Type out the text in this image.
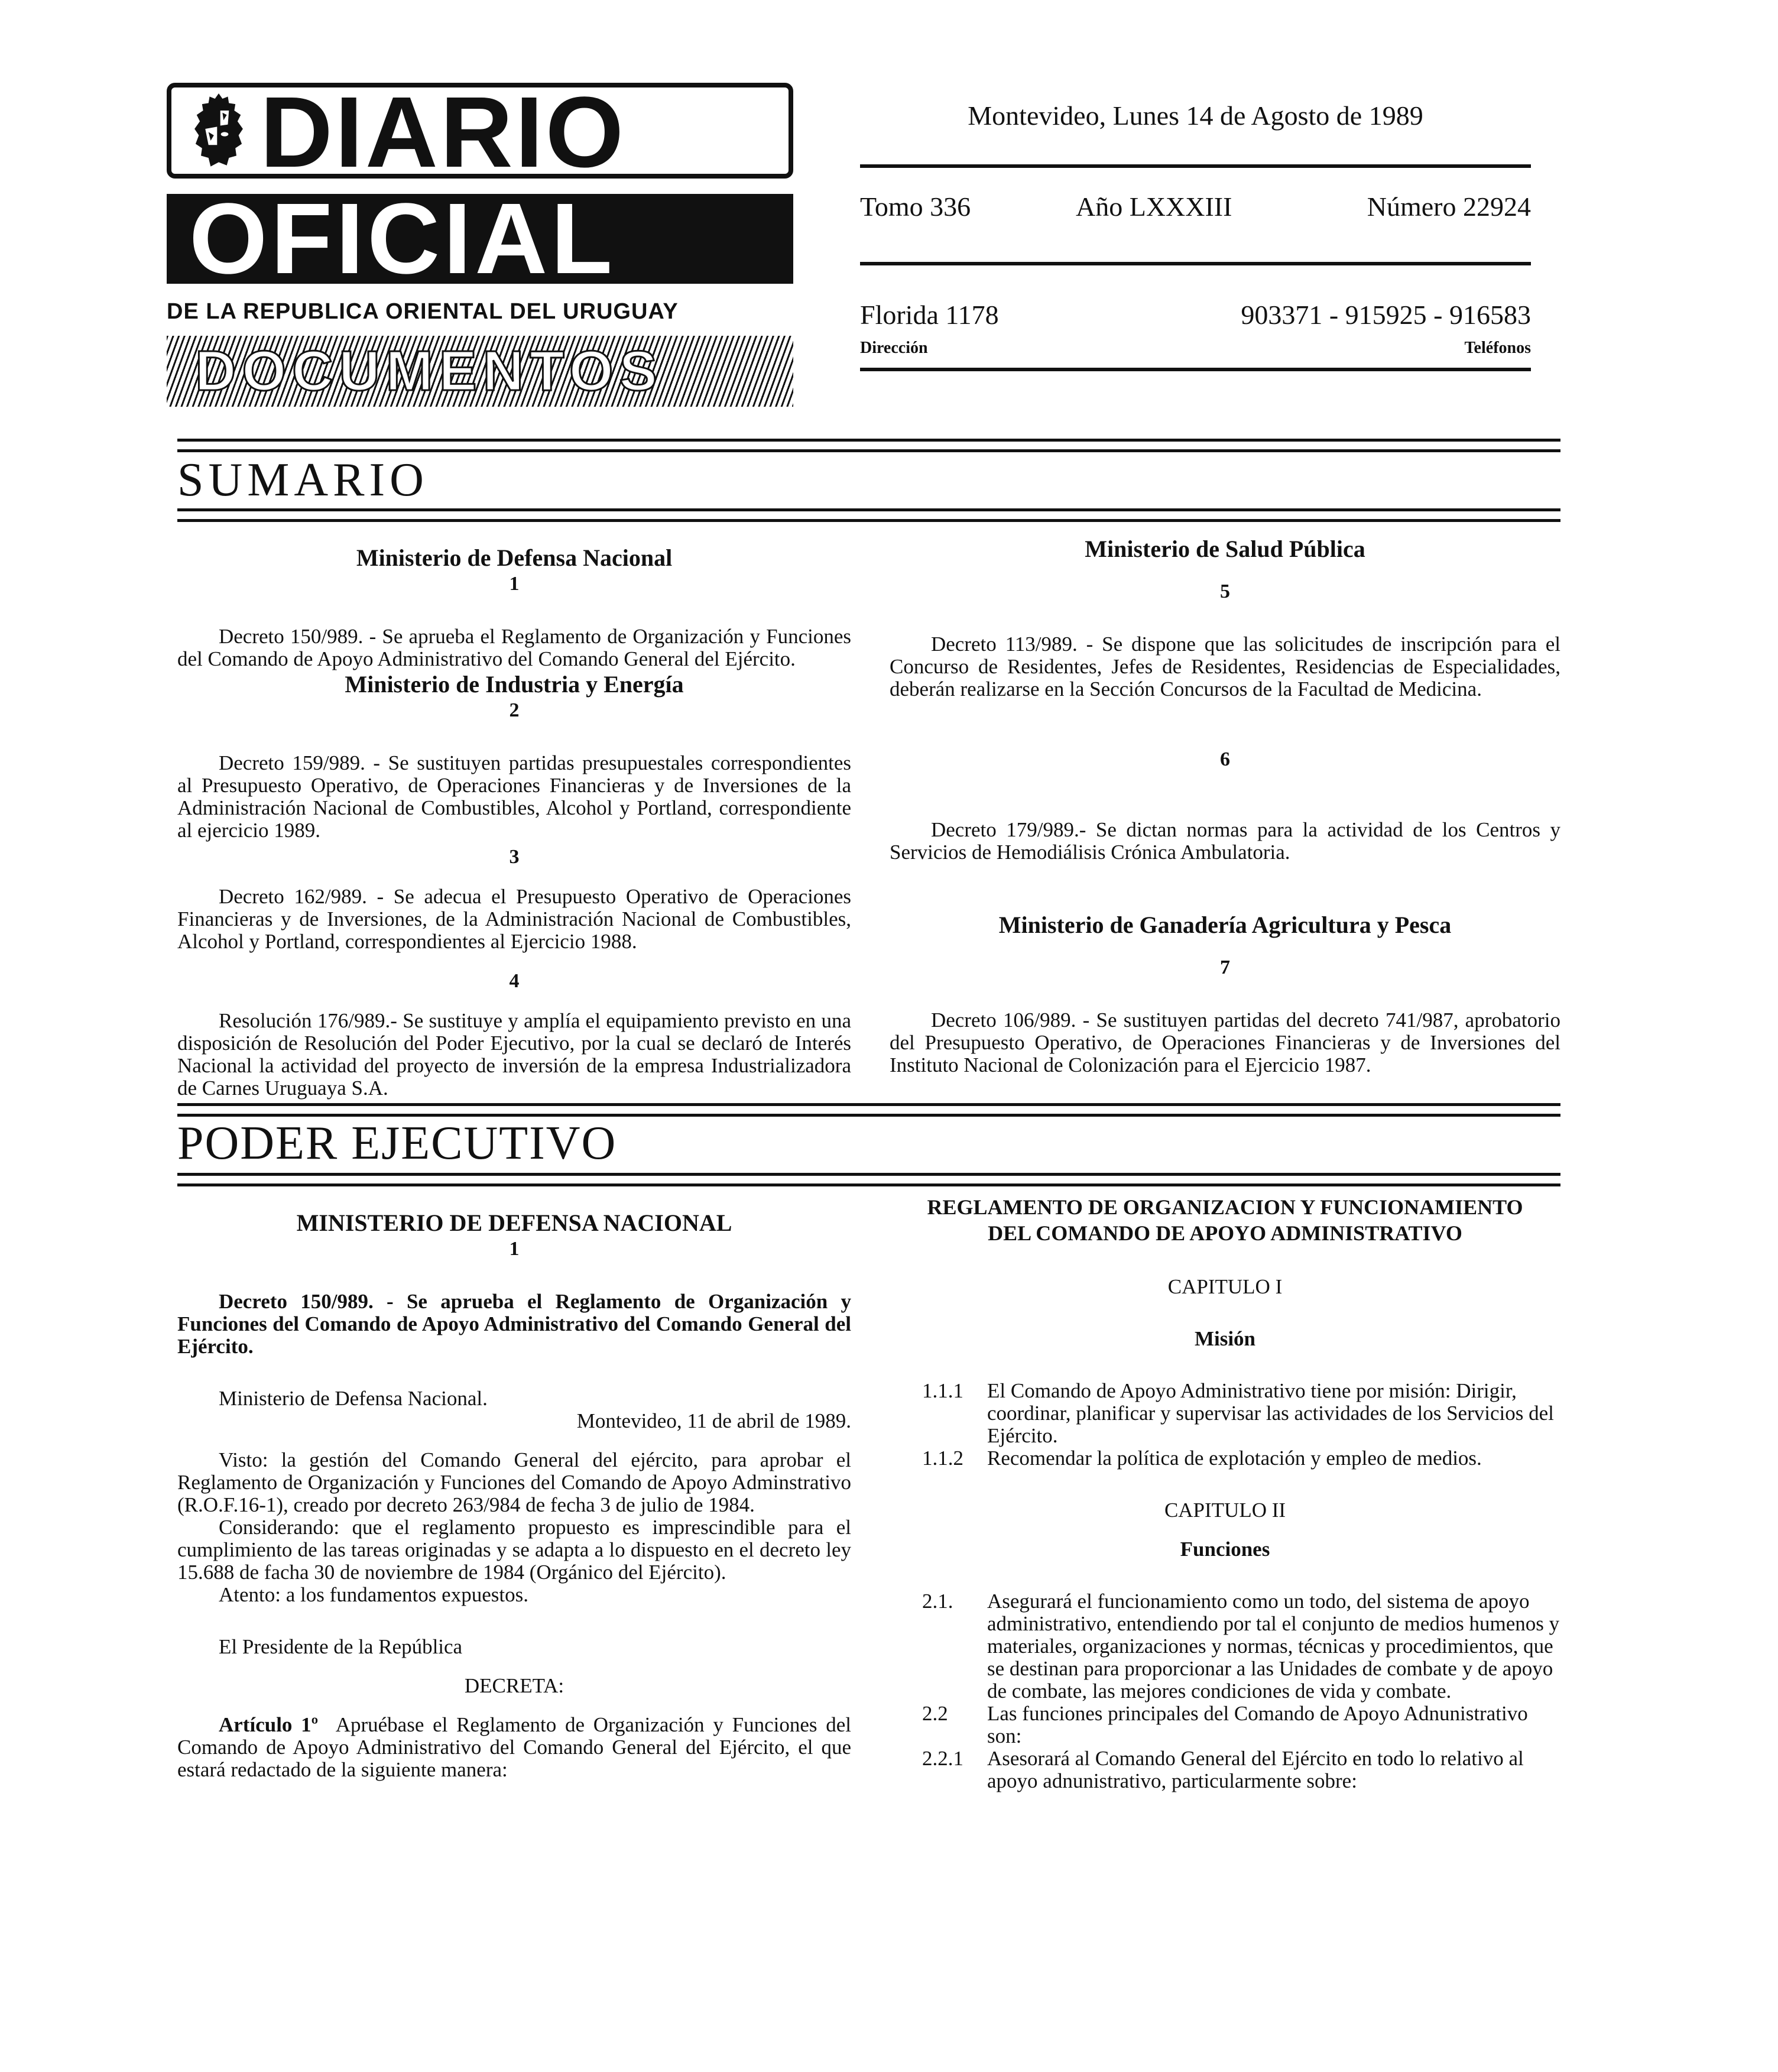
DIARIO
OFICIAL
DE LA REPUBLICA ORIENTAL DEL URUGUAY
DOCUMENTOS
Montevideo, Lunes 14 de Agosto de 1989
Tomo 336	Año LXXXIII	Número 22924
Florida 1178	903371 - 915925 - 916583
Dirección	Teléfonos
SUMARIO
Ministerio de Defensa Nacional
1

Decreto 150/989. - Se aprueba el Reglamento de Organización y Funciones del Comando de Apoyo Administrativo del Comando General del Ejército.

Ministerio de Industria y Energía
2

Decreto 159/989. - Se sustituyen partidas presupuestales correspondientes al Presupuesto Operativo, de Operaciones Financieras y de Inversiones de la Administración Nacional de Combustibles, Alcohol y Portland, correspondiente al ejercicio 1989.

3

Decreto 162/989. - Se adecua el Presupuesto Operativo de Operaciones Financieras y de Inversiones, de la Administración Nacional de Combustibles, Alcohol y Portland, correspondientes al Ejercicio 1988.

4

Resolución 176/989.- Se sustituye y amplía el equipamiento previsto en una disposición de Resolución del Poder Ejecutivo, por la cual se declaró de Interés Nacional la actividad del proyecto de inversión de la empresa Industrializadora de Carnes Uruguaya S.A.

Ministerio de Salud Pública
5

Decreto 113/989. - Se dispone que las solicitudes de inscripción para el Concurso de Residentes, Jefes de Residentes, Residencias de Especialidades, deberán realizarse en la Sección Concursos de la Facultad de Medicina.

6

Decreto 179/989.- Se dictan normas para la actividad de los Centros y Servicios de Hemodiálisis Crónica Ambulatoria.

Ministerio de Ganadería Agricultura y Pesca
7

Decreto 106/989. - Se sustituyen partidas del decreto 741/987, aprobatorio del Presupuesto Operativo, de Operaciones Financieras y de Inversiones del Instituto Nacional de Colonización para el Ejercicio 1987.

PODER EJECUTIVO
MINISTERIO DE DEFENSA NACIONAL
1

Decreto 150/989. - Se aprueba el Reglamento de Organización y Funciones del Comando de Apoyo Administrativo del Comando General del Ejército.

Ministerio de Defensa Nacional.

Montevideo, 11 de abril de 1989.

Visto: la gestión del Comando General del ejército, para aprobar el Reglamento de Organización y Funciones del Comando de Apoyo Adminstrativo (R.O.F.16-1), creado por decreto 263/984 de fecha 3 de julio de 1984.

Considerando: que el reglamento propuesto es imprescindible para el cumplimiento de las tareas originadas y se adapta a lo dispuesto en el decreto ley 15.688 de facha 30 de noviembre de 1984 (Orgánico del Ejército).

Atento: a los fundamentos expuestos.

El Presidente de la República

DECRETA:

Artículo 1º Apruébase el Reglamento de Organización y Funciones del Comando de Apoyo Administrativo del Comando General del Ejército, el que estará redactado de la siguiente manera:

REGLAMENTO DE ORGANIZACION Y FUNCIONAMIENTO
DEL COMANDO DE APOYO ADMINISTRATIVO
CAPITULO I
Misión
1.1.1	El Comando de Apoyo Administrativo tiene por misión: Dirigir, coordinar, planificar y supervisar las actividades de los Servicios del Ejército.
1.1.2	Recomendar la política de explotación y empleo de medios.
CAPITULO II
Funciones
2.1.	Asegurará el funcionamiento como un todo, del sistema de apoyo administrativo, entendiendo por tal el conjunto de medios humenos y materiales, organizaciones y normas, técnicas y procedimientos, que se destinan para proporcionar a las Unidades de combate y de apoyo de combate, las mejores condiciones de vida y combate.
2.2	Las funciones principales del Comando de Apoyo Adnunistrativo son:
2.2.1	Asesorará al Comando General del Ejército en todo lo relativo al apoyo adnunistrativo, particularmente sobre:
